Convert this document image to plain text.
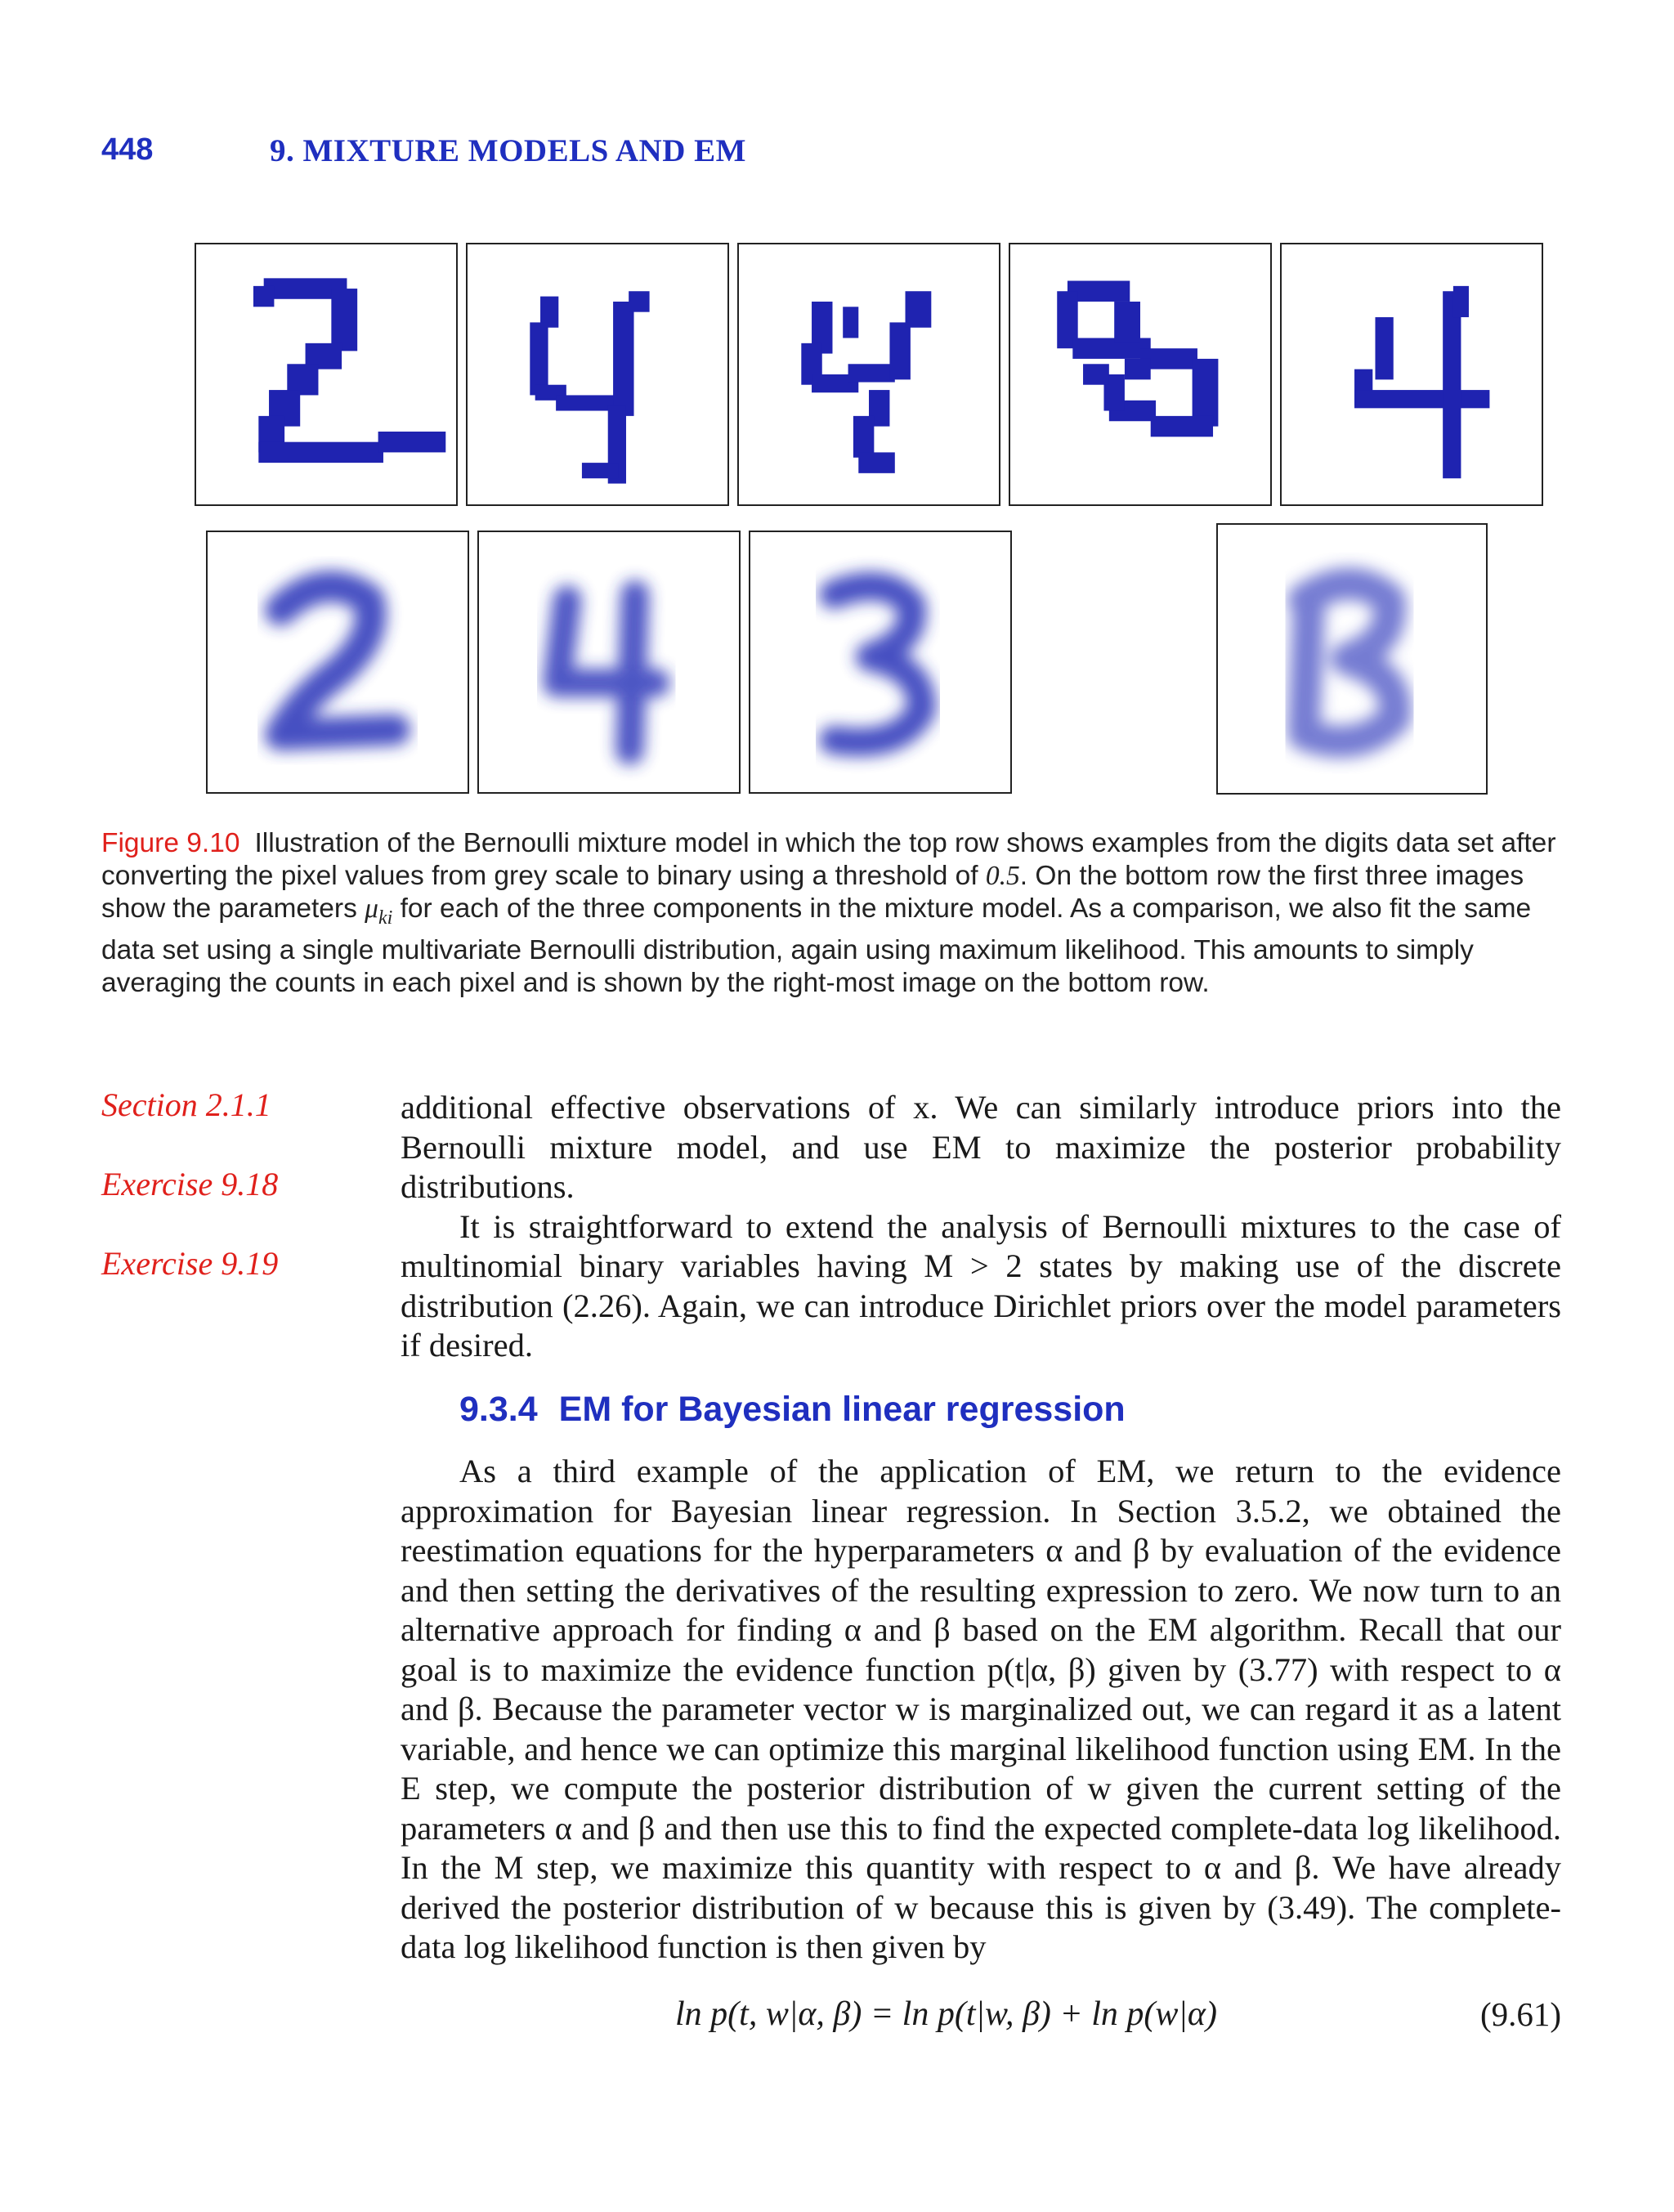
448	9. MIXTURE MODELS AND EM
Figure 9.10 Illustration of the Bernoulli mixture model in which the top row shows examples from the digits data set after converting the pixel values from grey scale to binary using a threshold of 0.5. On the bottom row the first three images show the parameters $\mu_{ki}$ for each of the three components in the mixture model. As a comparison, we also fit the same data set using a single multivariate Bernoulli distribution, again using maximum likelihood. This amounts to simply averaging the counts in each pixel and is shown by the right-most image on the bottom row.
Section 2.1.1
Exercise 9.18
Exercise 9.19

additional effective observations of x. We can similarly introduce priors into the Bernoulli mixture model, and use EM to maximize the posterior probability distributions.

It is straightforward to extend the analysis of Bernoulli mixtures to the case of multinomial binary variables having M > 2 states by making use of the discrete distribution (2.26). Again, we can introduce Dirichlet priors over the model parameters if desired.

9.3.4 EM for Bayesian linear regression

As a third example of the application of EM, we return to the evidence approximation for Bayesian linear regression. In Section 3.5.2, we obtained the reestimation equations for the hyperparameters α and β by evaluation of the evidence and then setting the derivatives of the resulting expression to zero. We now turn to an alternative approach for finding α and β based on the EM algorithm. Recall that our goal is to maximize the evidence function p(t|α, β) given by (3.77) with respect to α and β. Because the parameter vector w is marginalized out, we can regard it as a latent variable, and hence we can optimize this marginal likelihood function using EM. In the E step, we compute the posterior distribution of w given the current setting of the parameters α and β and then use this to find the expected complete-data log likelihood. In the M step, we maximize this quantity with respect to α and β. We have already derived the posterior distribution of w because this is given by (3.49). The complete-data log likelihood function is then given by

ln p(t, w|α, β) = ln p(t|w, β) + ln p(w|α)	(9.61)
